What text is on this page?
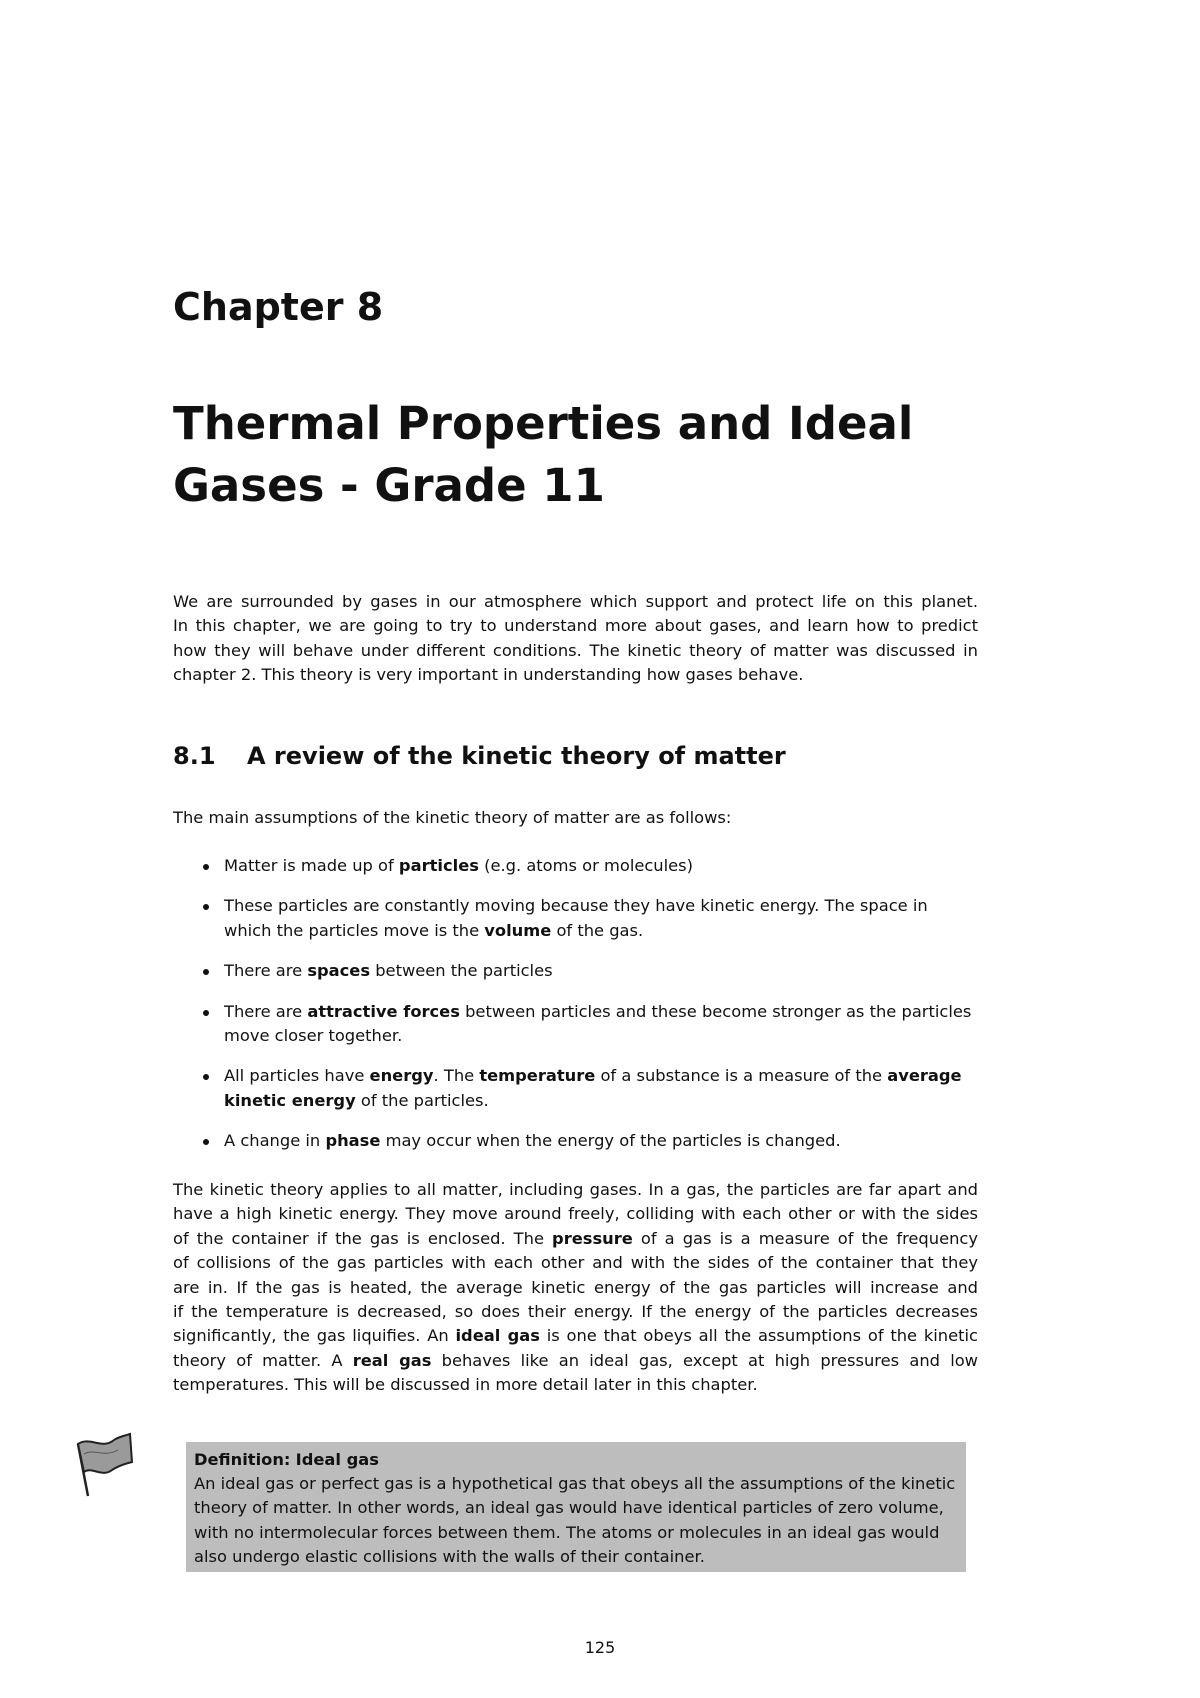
Chapter 8
Thermal Properties and Ideal
Gases - Grade 11

We are surrounded by gases in our atmosphere which support and protect life on this planet.
In this chapter, we are going to try to understand more about gases, and learn how to predict
how they will behave under different conditions. The kinetic theory of matter was discussed in
chapter 2. This theory is very important in understanding how gases behave.

8.1 A review of the kinetic theory of matter

The main assumptions of the kinetic theory of matter are as follows:

Matter is made up of particles (e.g. atoms or molecules)
These particles are constantly moving because they have kinetic energy. The space in
which the particles move is the volume of the gas.
There are spaces between the particles
There are attractive forces between particles and these become stronger as the particles
move closer together.
All particles have energy. The temperature of a substance is a measure of the average
kinetic energy of the particles.
A change in phase may occur when the energy of the particles is changed.

The kinetic theory applies to all matter, including gases. In a gas, the particles are far apart and
have a high kinetic energy. They move around freely, colliding with each other or with the sides
of the container if the gas is enclosed. The pressure of a gas is a measure of the frequency
of collisions of the gas particles with each other and with the sides of the container that they
are in. If the gas is heated, the average kinetic energy of the gas particles will increase and
if the temperature is decreased, so does their energy. If the energy of the particles decreases
significantly, the gas liquifies. An ideal gas is one that obeys all the assumptions of the kinetic
theory of matter. A real gas behaves like an ideal gas, except at high pressures and low
temperatures. This will be discussed in more detail later in this chapter.

Definition: Ideal gas
An ideal gas or perfect gas is a hypothetical gas that obeys all the assumptions of the kinetic
theory of matter. In other words, an ideal gas would have identical particles of zero volume,
with no intermolecular forces between them. The atoms or molecules in an ideal gas would
also undergo elastic collisions with the walls of their container.

125
